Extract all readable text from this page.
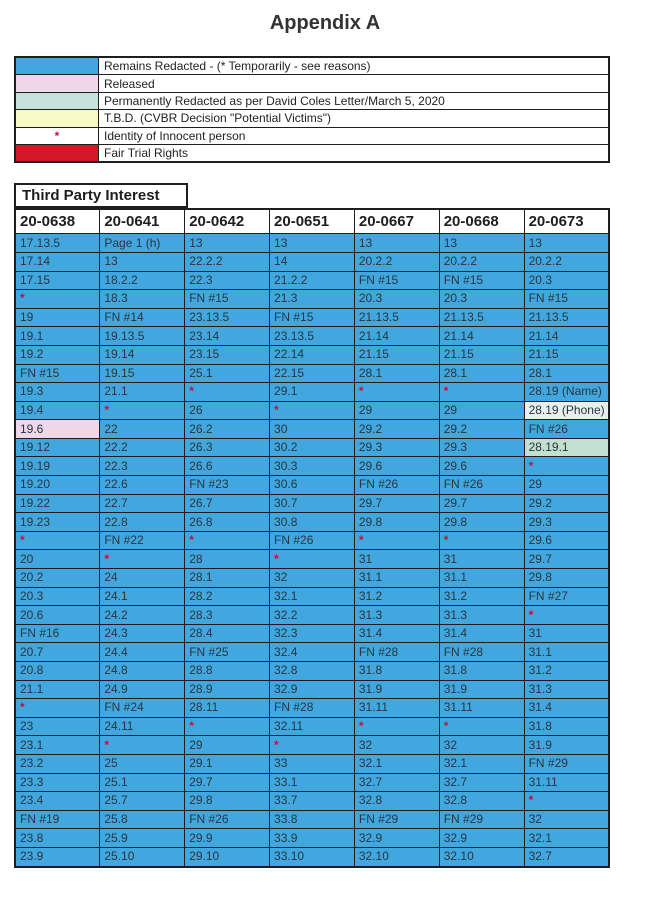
Appendix A
	Remains Redacted - (* Temporarily - see reasons)
	Released
	Permanently Redacted as per David Coles Letter/March 5, 2020
	T.B.D. (CVBR Decision "Potential Victims")
*	Identity of Innocent person
	Fair Trial Rights
Third Party Interest
20-0638	20-0641	20-0642	20-0651	20-0667	20-0668	20-0673
17.13.5	Page 1 (h)	13	13	13	13	13
17.14	13	22.2.2	14	20.2.2	20.2.2	20.2.2
17.15	18.2.2	22.3	21.2.2	FN #15	FN #15	20.3
*	18.3	FN #15	21.3	20.3	20.3	FN #15
19	FN #14	23.13.5	FN #15	21.13.5	21.13.5	21.13.5
19.1	19.13.5	23.14	23.13.5	21.14	21.14	21.14
19.2	19.14	23.15	22.14	21.15	21.15	21.15
FN #15	19.15	25.1	22.15	28.1	28.1	28.1
19.3	21.1	*	29.1	*	*	28.19 (Name)
19.4	*	26	*	29	29	28.19 (Phone)
19.6	22	26.2	30	29.2	29.2	FN #26
19.12	22.2	26.3	30.2	29.3	29.3	28.19.1
19.19	22.3	26.6	30.3	29.6	29.6	*
19.20	22.6	FN #23	30.6	FN #26	FN #26	29
19.22	22.7	26.7	30.7	29.7	29.7	29.2
19.23	22.8	26.8	30.8	29.8	29.8	29.3
*	FN #22	*	FN #26	*	*	29.6
20	*	28	*	31	31	29.7
20.2	24	28.1	32	31.1	31.1	29.8
20.3	24.1	28.2	32.1	31.2	31.2	FN #27
20.6	24.2	28.3	32.2	31.3	31.3	*
FN #16	24.3	28.4	32.3	31.4	31.4	31
20.7	24.4	FN #25	32.4	FN #28	FN #28	31.1
20.8	24.8	28.8	32.8	31.8	31.8	31.2
21.1	24.9	28.9	32.9	31.9	31.9	31.3
*	FN #24	28.11	FN #28	31.11	31.11	31.4
23	24.11	*	32.11	*	*	31.8
23.1	*	29	*	32	32	31.9
23.2	25	29.1	33	32.1	32.1	FN #29
23.3	25.1	29.7	33.1	32.7	32.7	31.11
23.4	25.7	29.8	33.7	32.8	32.8	*
FN #19	25.8	FN #26	33.8	FN #29	FN #29	32
23.8	25.9	29.9	33.9	32.9	32.9	32.1
23.9	25.10	29.10	33.10	32.10	32.10	32.7
